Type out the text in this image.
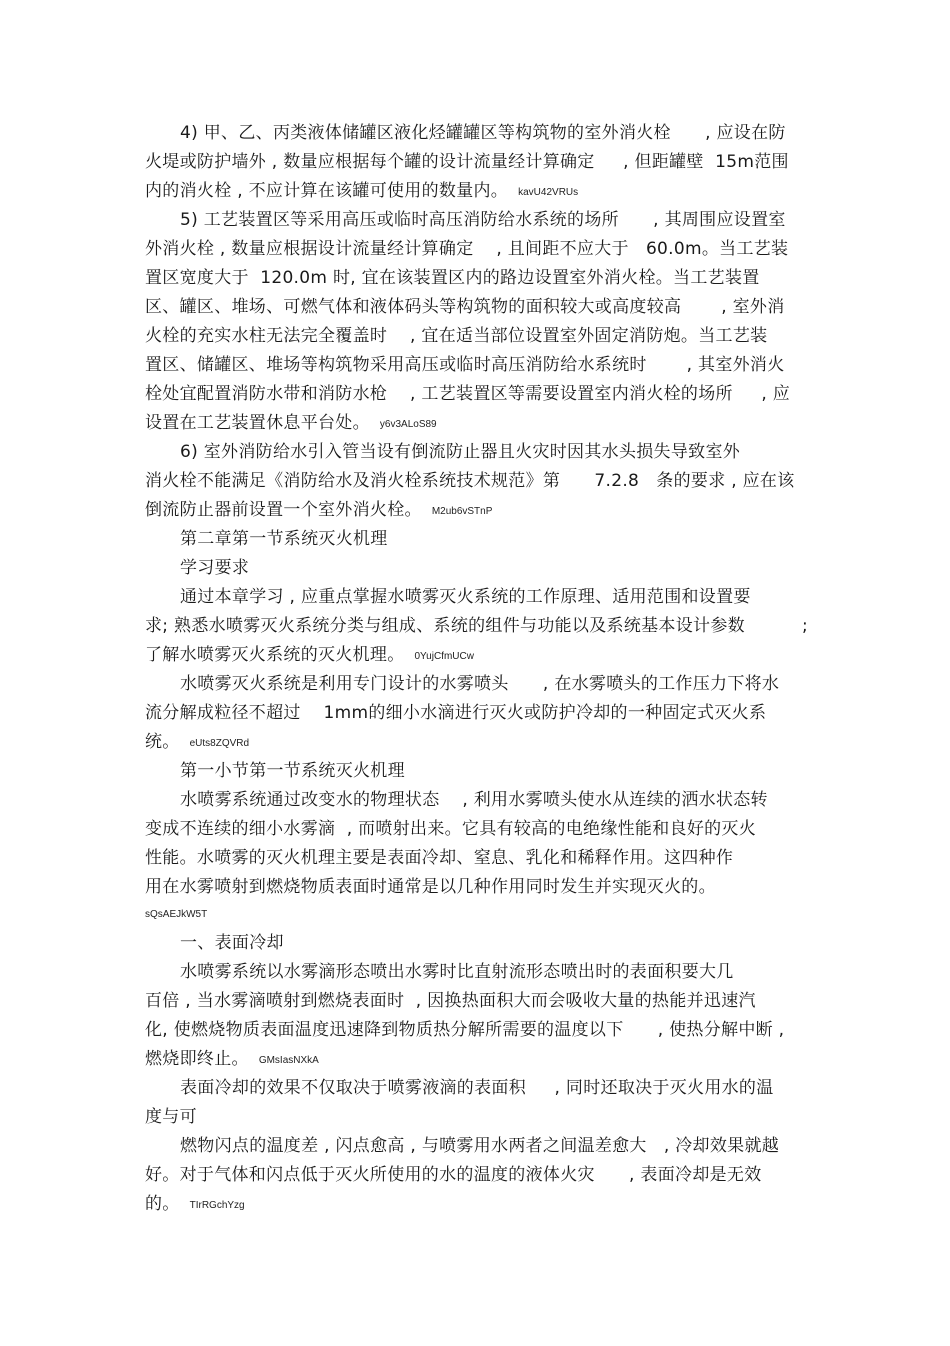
4) 甲、乙、丙类液体储罐区液化烃罐罐区等构筑物的室外消火栓      , 应设在防
火堤或防护墙外 , 数量应根据每个罐的设计流量经计算确定     , 但距罐壁  15m范围
内的消火栓 , 不应计算在该罐可使用的数量内。 kavU42VRUs
5) 工艺装置区等采用高压或临时高压消防给水系统的场所      , 其周围应设置室
外消火栓 , 数量应根据设计流量经计算确定    , 且间距不应大于   60.0m。当工艺装
置区宽度大于  120.0m 时, 宜在该装置区内的路边设置室外消火栓。当工艺装置
区、罐区、堆场、可燃气体和液体码头等构筑物的面积较大或高度较高       , 室外消
火栓的充实水柱无法完全覆盖时    , 宜在适当部位设置室外固定消防炮。当工艺装
置区、储罐区、堆场等构筑物采用高压或临时高压消防给水系统时       , 其室外消火
栓处宜配置消防水带和消防水枪    , 工艺装置区等需要设置室内消火栓的场所     , 应
设置在工艺装置休息平台处。 y6v3ALoS89
6) 室外消防给水引入管当设有倒流防止器且火灾时因其水头损失导致室外
消火栓不能满足《消防给水及消火栓系统技术规范》第      7.2.8   条的要求 , 应在该
倒流防止器前设置一个室外消火栓。 M2ub6vSTnP
第二章第一节系统灭火机理
学习要求
通过本章学习 , 应重点掌握水喷雾灭火系统的工作原理、适用范围和设置要
求; 熟悉水喷雾灭火系统分类与组成、系统的组件与功能以及系统基本设计参数          ;
了解水喷雾灭火系统的灭火机理。 0YujCfmUCw
水喷雾灭火系统是利用专门设计的水雾喷头      , 在水雾喷头的工作压力下将水
流分解成粒径不超过    1mm的细小水滴进行灭火或防护冷却的一种固定式灭火系
统。 eUts8ZQVRd
第一小节第一节系统灭火机理
水喷雾系统通过改变水的物理状态    , 利用水雾喷头使水从连续的洒水状态转
变成不连续的细小水雾滴  , 而喷射出来。它具有较高的电绝缘性能和良好的灭火
性能。水喷雾的灭火机理主要是表面冷却、窒息、乳化和稀释作用。这四种作
用在水雾喷射到燃烧物质表面时通常是以几种作用同时发生并实现灭火的。
sQsAEJkW5T
一、表面冷却
水喷雾系统以水雾滴形态喷出水雾时比直射流形态喷出时的表面积要大几
百倍 , 当水雾滴喷射到燃烧表面时  , 因换热面积大而会吸收大量的热能并迅速汽
化, 使燃烧物质表面温度迅速降到物质热分解所需要的温度以下      , 使热分解中断 ,
燃烧即终止。 GMsIasNXkA
表面冷却的效果不仅取决于喷雾液滴的表面积     , 同时还取决于灭火用水的温
度与可
燃物闪点的温度差 , 闪点愈高 , 与喷雾用水两者之间温差愈大   , 冷却效果就越
好。对于气体和闪点低于灭火所使用的水的温度的液体火灾      , 表面冷却是无效
的。 TIrRGchYzg
